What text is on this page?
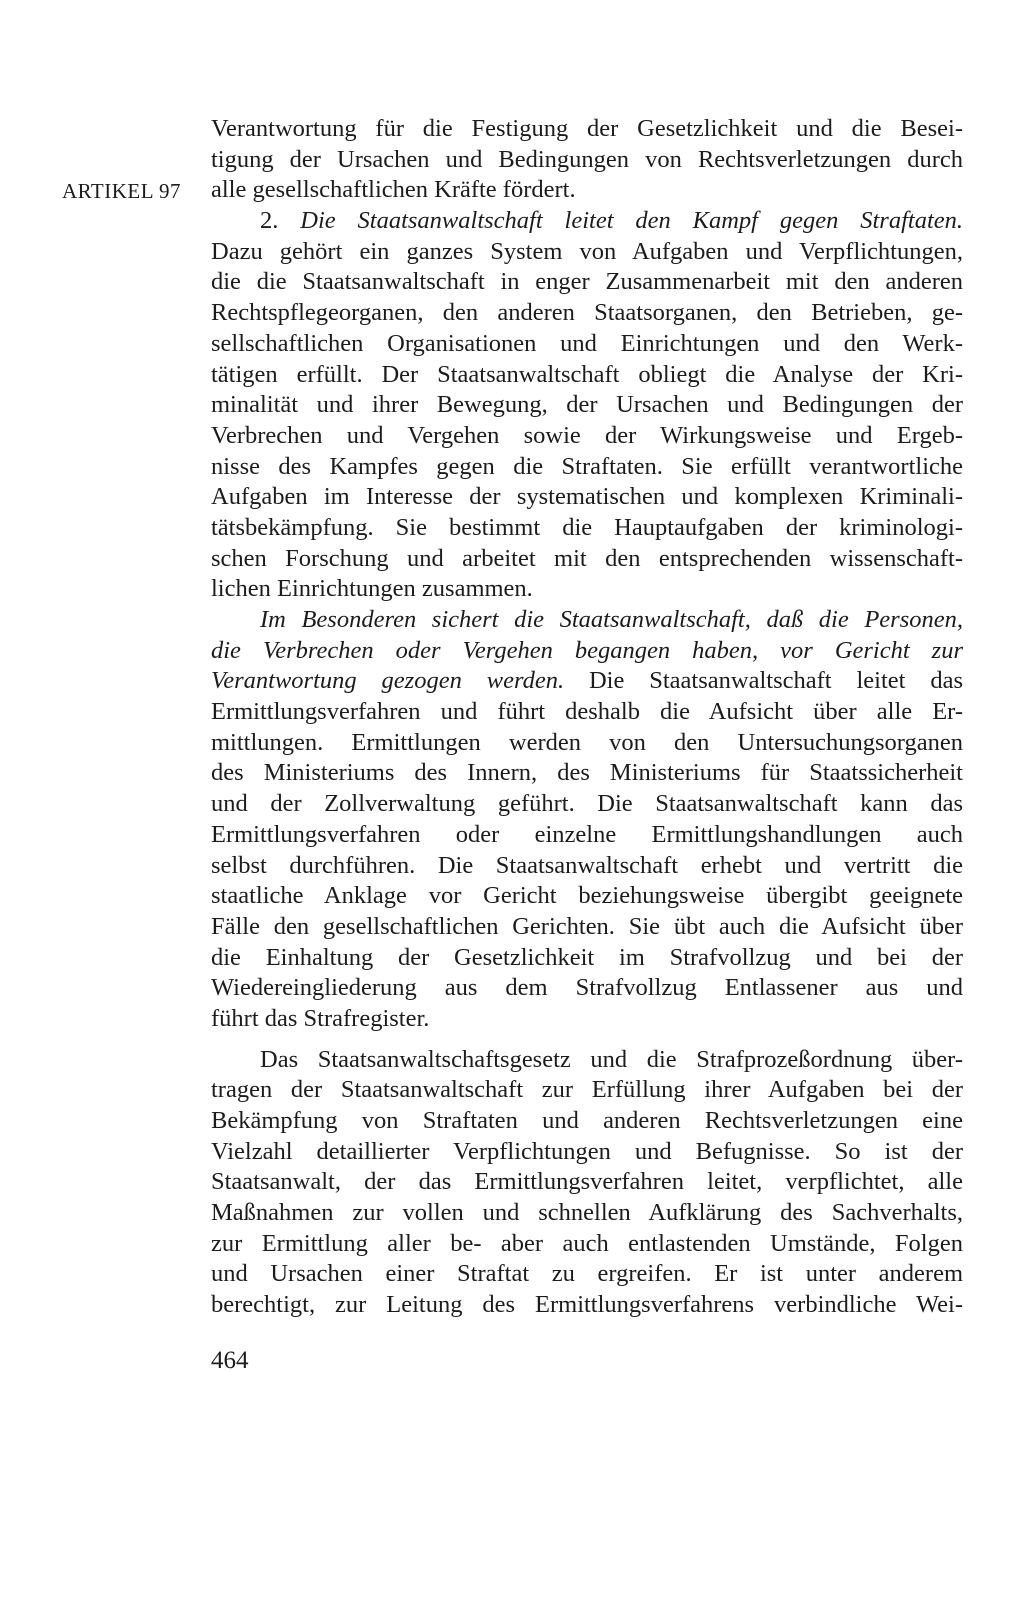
ARTIKEL 97
Verantwortung für die Festigung der Gesetzlichkeit und die Besei-
tigung der Ursachen und Bedingungen von Rechtsverletzungen durch
alle gesellschaftlichen Kräfte fördert.
2. Die Staatsanwaltschaft leitet den Kampf gegen Straftaten.
Dazu gehört ein ganzes System von Aufgaben und Verpflichtungen,
die die Staatsanwaltschaft in enger Zusammenarbeit mit den anderen
Rechtspflegeorganen, den anderen Staatsorganen, den Betrieben, ge-
sellschaftlichen Organisationen und Einrichtungen und den Werk-
tätigen erfüllt. Der Staatsanwaltschaft obliegt die Analyse der Kri-
minalität und ihrer Bewegung, der Ursachen und Bedingungen der
Verbrechen und Vergehen sowie der Wirkungsweise und Ergeb-
nisse des Kampfes gegen die Straftaten. Sie erfüllt verantwortliche
Aufgaben im Interesse der systematischen und komplexen Kriminali-
tätsbekämpfung. Sie bestimmt die Hauptaufgaben der kriminologi-
schen Forschung und arbeitet mit den entsprechenden wissenschaft-
lichen Einrichtungen zusammen.
Im Besonderen sichert die Staatsanwaltschaft, daß die Personen,
die Verbrechen oder Vergehen begangen haben, vor Gericht zur
Verantwortung gezogen werden. Die Staatsanwaltschaft leitet das
Ermittlungsverfahren und führt deshalb die Aufsicht über alle Er-
mittlungen. Ermittlungen werden von den Untersuchungsorganen
des Ministeriums des Innern, des Ministeriums für Staatssicherheit
und der Zollverwaltung geführt. Die Staatsanwaltschaft kann das
Ermittlungsverfahren oder einzelne Ermittlungshandlungen auch
selbst durchführen. Die Staatsanwaltschaft erhebt und vertritt die
staatliche Anklage vor Gericht beziehungsweise übergibt geeignete
Fälle den gesellschaftlichen Gerichten. Sie übt auch die Aufsicht über
die Einhaltung der Gesetzlichkeit im Strafvollzug und bei der
Wiedereingliederung aus dem Strafvollzug Entlassener aus und
führt das Strafregister.
Das Staatsanwaltschaftsgesetz und die Strafprozeßordnung über-
tragen der Staatsanwaltschaft zur Erfüllung ihrer Aufgaben bei der
Bekämpfung von Straftaten und anderen Rechtsverletzungen eine
Vielzahl detaillierter Verpflichtungen und Befugnisse. So ist der
Staatsanwalt, der das Ermittlungsverfahren leitet, verpflichtet, alle
Maßnahmen zur vollen und schnellen Aufklärung des Sachverhalts,
zur Ermittlung aller be- aber auch entlastenden Umstände, Folgen
und Ursachen einer Straftat zu ergreifen. Er ist unter anderem
berechtigt, zur Leitung des Ermittlungsverfahrens verbindliche Wei-
464
